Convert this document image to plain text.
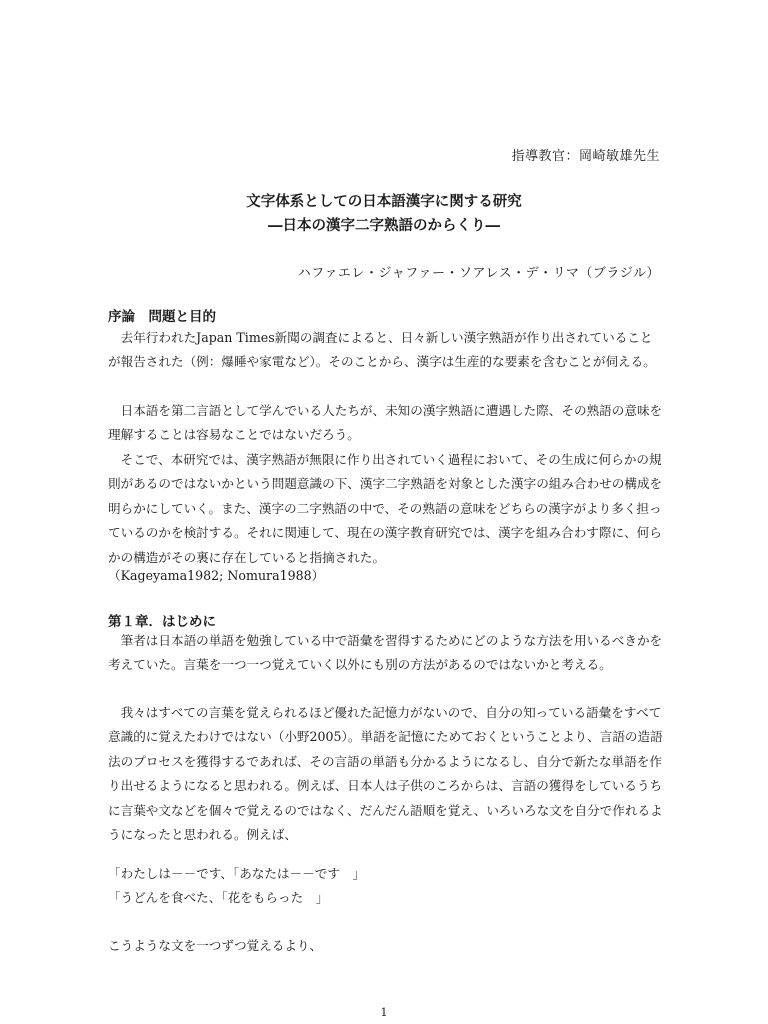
指導教官：岡崎敏雄先生
文字体系としての日本語漢字に関する研究
―日本の漢字二字熟語のからくり―
ハファエレ・ジャファー・ソアレス・デ・リマ（ブラジル）
序論　問題と目的

去年行われたJapan Times新聞の調査によると、日々新しい漢字熟語が作り出されていることが報告された（例：爆睡や家電など）。そのことから、漢字は生産的な要素を含むことが伺える。

日本語を第二言語として学んでいる人たちが、未知の漢字熟語に遭遇した際、その熟語の意味を理解することは容易なことではないだろう。

そこで、本研究では、漢字熟語が無限に作り出されていく過程において、その生成に何らかの規則があるのではないかという問題意識の下、漢字二字熟語を対象とした漢字の組み合わせの構成を明らかにしていく。また、漢字の二字熟語の中で、その熟語の意味をどちらの漢字がより多く担っているのかを検討する。それに関連して、現在の漢字教育研究では、漢字を組み合わす際に、何らかの構造がその裏に存在していると指摘された。

（Kageyama1982; Nomura1988）

第１章．はじめに

筆者は日本語の単語を勉強している中で語彙を習得するためにどのような方法を用いるべきかを考えていた。言葉を一つ一つ覚えていく以外にも別の方法があるのではないかと考える。

我々はすべての言葉を覚えられるほど優れた記憶力がないので、自分の知っている語彙をすべて意識的に覚えたわけではない（小野2005）。単語を記憶にためておくということより、言語の造語法のプロセスを獲得するであれば、その言語の単語も分かるようになるし、自分で新たな単語を作り出せるようになると思われる。例えば、日本人は子供のころからは、言語の獲得をしているうちに言葉や文などを個々で覚えるのではなく、だんだん語順を覚え、いろいろな文を自分で作れるようになったと思われる。例えば、

「わたしは－－です、「あなたは－－です　」
「うどんを食べた、「花をもらった　」
こうような文を一つずつ覚えるより、
1
